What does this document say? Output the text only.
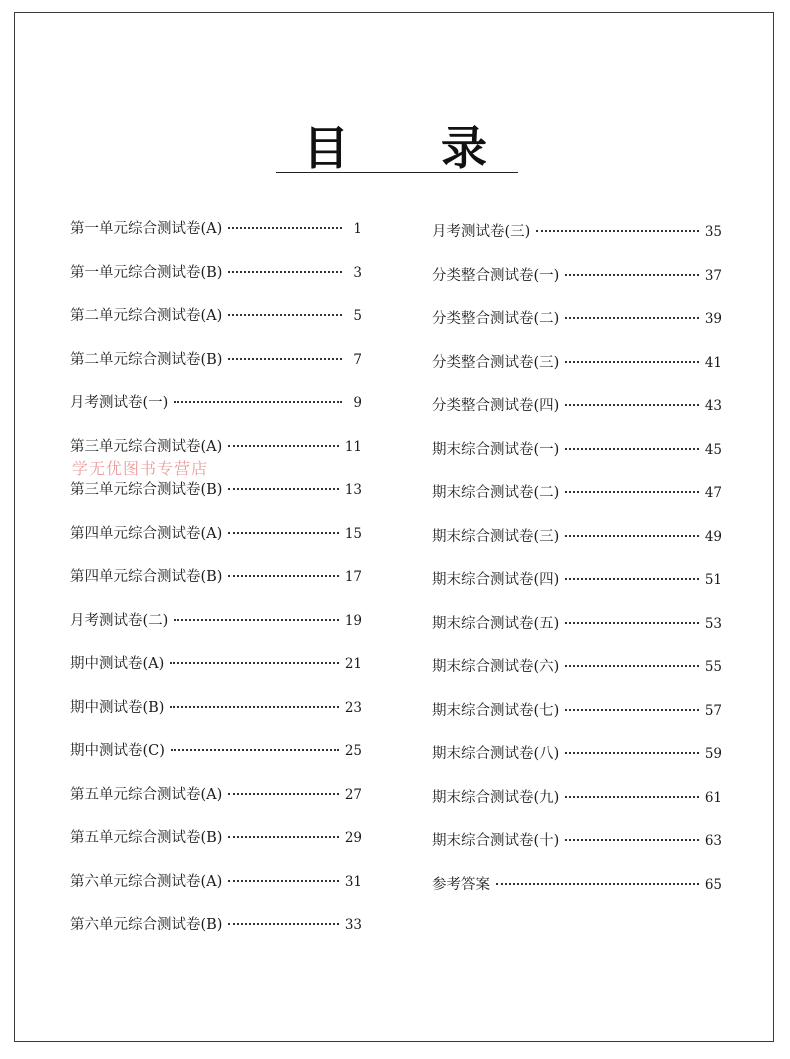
目 录
第一单元综合测试卷(A)	1
第一单元综合测试卷(B)	3
第二单元综合测试卷(A)	5
第二单元综合测试卷(B)	7
月考测试卷(一)	9
第三单元综合测试卷(A)	11
第三单元综合测试卷(B)	13
第四单元综合测试卷(A)	15
第四单元综合测试卷(B)	17
月考测试卷(二)	19
期中测试卷(A)	21
期中测试卷(B)	23
期中测试卷(C)	25
第五单元综合测试卷(A)	27
第五单元综合测试卷(B)	29
第六单元综合测试卷(A)	31
第六单元综合测试卷(B)	33
月考测试卷(三)	35
分类整合测试卷(一)	37
分类整合测试卷(二)	39
分类整合测试卷(三)	41
分类整合测试卷(四)	43
期末综合测试卷(一)	45
期末综合测试卷(二)	47
期末综合测试卷(三)	49
期末综合测试卷(四)	51
期末综合测试卷(五)	53
期末综合测试卷(六)	55
期末综合测试卷(七)	57
期末综合测试卷(八)	59
期末综合测试卷(九)	61
期末综合测试卷(十)	63
参考答案	65
学无优图书专营店
